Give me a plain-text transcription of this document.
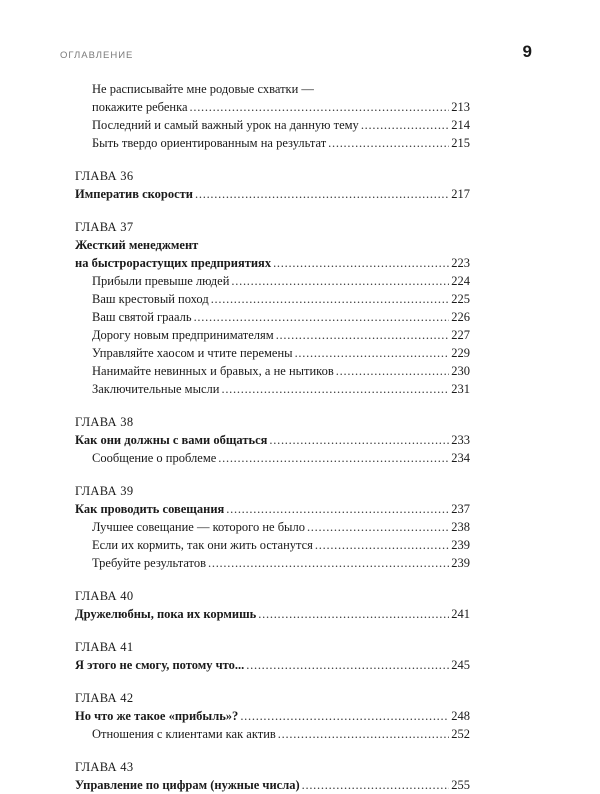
ОГЛАВЛЕНИЕ	9
Не расписывайте мне родовые схватки —
покажите ребенка . . .	213
Последний и самый важный урок на данную тему . . .	214
Быть твердо ориентированным на результат . . .	215
ГЛАВА 36
Императив скорости . . .	217
ГЛАВА 37
Жесткий менеджмент
на быстрорастущих предприятиях . . .	223
Прибыли превыше людей . . .	224
Ваш крестовый поход . . .	225
Ваш святой грааль . . .	226
Дорогу новым предпринимателям . . .	227
Управляйте хаосом и чтите перемены . . .	229
Нанимайте невинных и бравых, а не нытиков . . .	230
Заключительные мысли . . .	231
ГЛАВА 38
Как они должны с вами общаться . . .	233
Сообщение о проблеме . . .	234
ГЛАВА 39
Как проводить совещания . . .	237
Лучшее совещание — которого не было . . .	238
Если их кормить, так они жить останутся . . .	239
Требуйте результатов . . .	239
ГЛАВА 40
Дружелюбны, пока их кормишь . . .	241
ГЛАВА 41
Я этого не смогу, потому что... . . .	245
ГЛАВА 42
Но что же такое «прибыль»? . . .	248
Отношения с клиентами как актив . . .	252
ГЛАВА 43
Управление по цифрам (нужные числа) . . .	255
